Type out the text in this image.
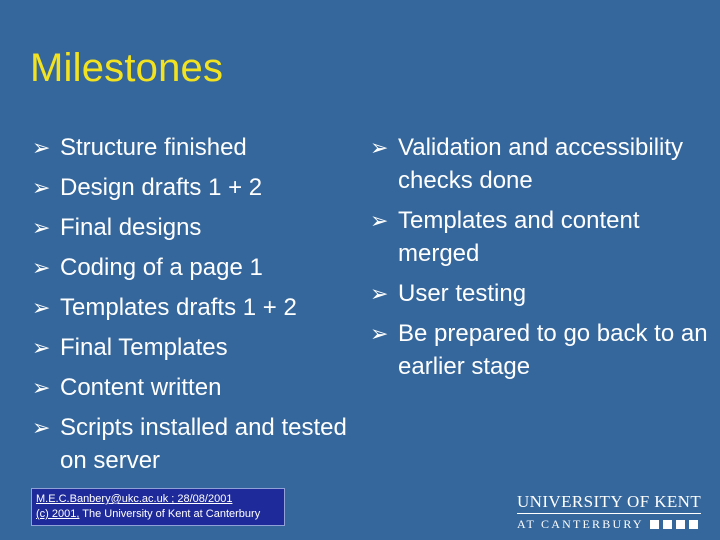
Milestones
➢ Structure finished
➢ Design drafts 1 + 2
➢ Final designs
➢ Coding of a page 1
➢ Templates drafts 1 + 2
➢ Final Templates
➢ Content written
➢ Scripts installed and tested on server
➢ Validation and accessibility checks done
➢ Templates and content merged
➢ User testing
➢ Be prepared to go back to an earlier stage
M.E.C.Banbery@ukc.ac.uk ; 28/08/2001
(c) 2001, The University of Kent at Canterbury
UNIVERSITY OF KENT
AT CANTERBURY
